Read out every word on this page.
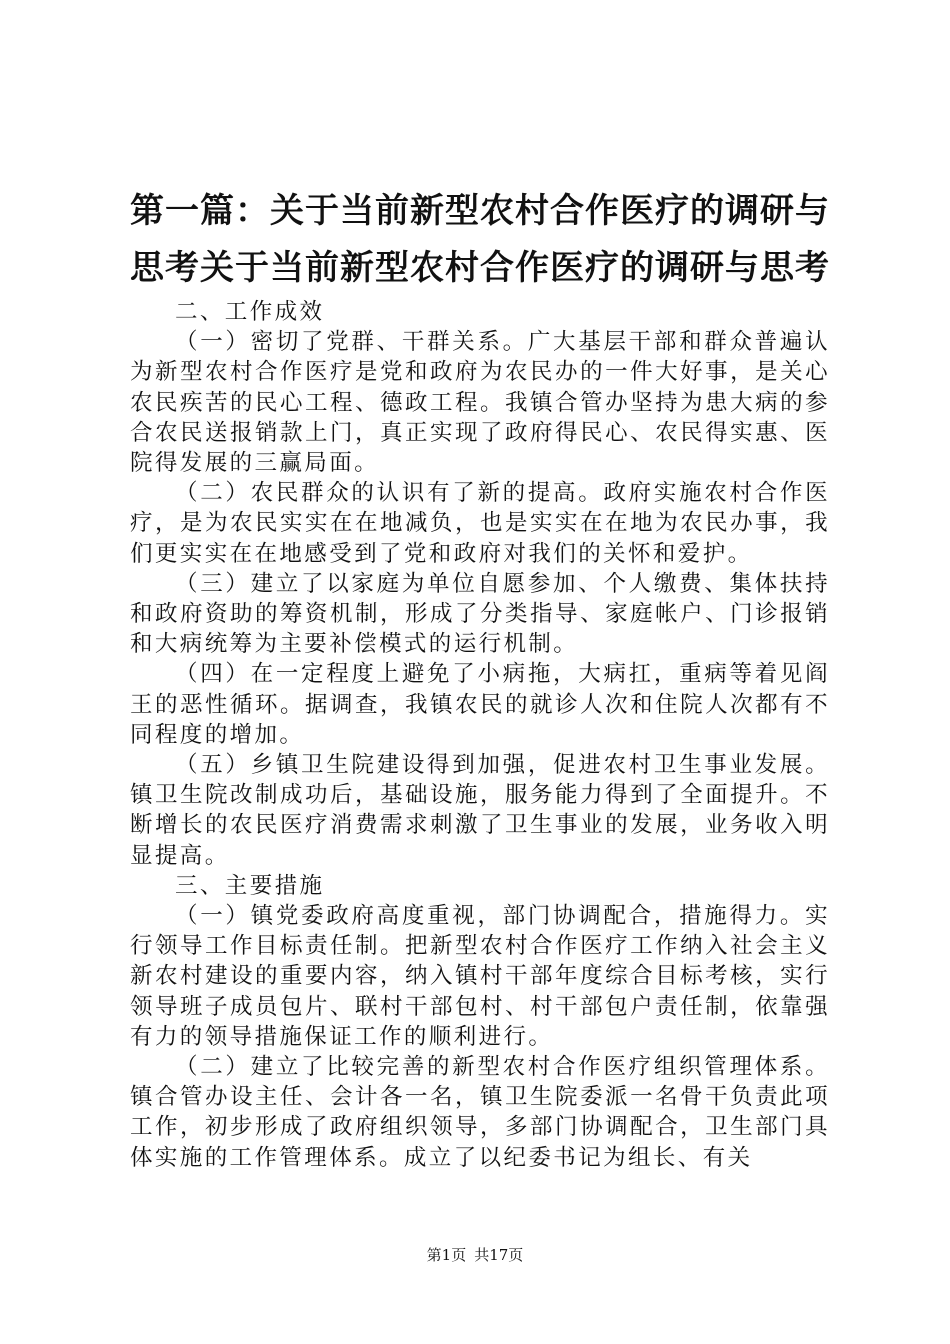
第一篇：关于当前新型农村合作医疗的调研与思考关于当前新型农村合作医疗的调研与思考

二、工作成效

（一）密切了党群、干群关系。广大基层干部和群众普遍认为新型农村合作医疗是党和政府为农民办的一件大好事，是关心农民疾苦的民心工程、德政工程。我镇合管办坚持为患大病的参合农民送报销款上门，真正实现了政府得民心、农民得实惠、医院得发展的三赢局面。

（二）农民群众的认识有了新的提高。政府实施农村合作医疗，是为农民实实在在地减负，也是实实在在地为农民办事，我们更实实在在地感受到了党和政府对我们的关怀和爱护。

（三）建立了以家庭为单位自愿参加、个人缴费、集体扶持和政府资助的筹资机制，形成了分类指导、家庭帐户、门诊报销和大病统筹为主要补偿模式的运行机制。

（四）在一定程度上避免了小病拖，大病扛，重病等着见阎王的恶性循环。据调查，我镇农民的就诊人次和住院人次都有不同程度的增加。

（五）乡镇卫生院建设得到加强，促进农村卫生事业发展。镇卫生院改制成功后，基础设施，服务能力得到了全面提升。不断增长的农民医疗消费需求刺激了卫生事业的发展，业务收入明显提高。

三、主要措施

（一）镇党委政府高度重视，部门协调配合，措施得力。实行领导工作目标责任制。把新型农村合作医疗工作纳入社会主义新农村建设的重要内容，纳入镇村干部年度综合目标考核，实行领导班子成员包片、联村干部包村、村干部包户责任制，依靠强有力的领导措施保证工作的顺利进行。

（二）建立了比较完善的新型农村合作医疗组织管理体系。镇合管办设主任、会计各一名，镇卫生院委派一名骨干负责此项工作，初步形成了政府组织领导，多部门协调配合，卫生部门具体实施的工作管理体系。成立了以纪委书记为组长、有关

第1页 共17页
